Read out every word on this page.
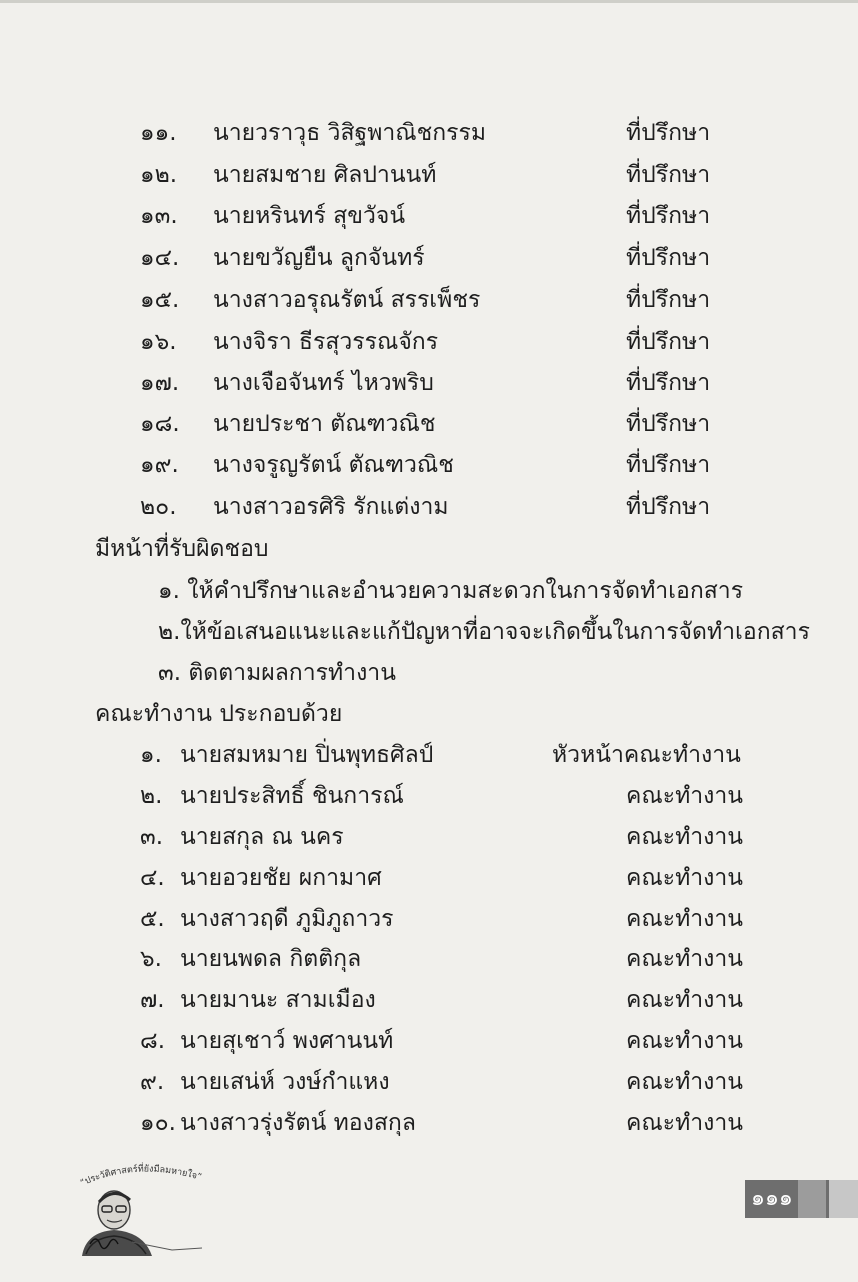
๑๑. นายวราวุธ วิสิฐพาณิชกรรม	ที่ปรึกษา
๑๒. นายสมชาย ศิลปานนท์	ที่ปรึกษา
๑๓. นายหรินทร์ สุขวัจน์	ที่ปรึกษา
๑๔. นายขวัญยืน ลูกจันทร์	ที่ปรึกษา
๑๕. นางสาวอรุณรัตน์ สรรเพ็ชร	ที่ปรึกษา
๑๖. นางจิรา ธีรสุวรรณจักร	ที่ปรึกษา
๑๗. นางเจือจันทร์ ไหวพริบ	ที่ปรึกษา
๑๘. นายประชา ตัณฑวณิช	ที่ปรึกษา
๑๙. นางจรูญรัตน์ ตัณฑวณิช	ที่ปรึกษา
๒๐. นางสาวอรศิริ รักแต่งาม	ที่ปรึกษา
มีหน้าที่รับผิดชอบ
๑. ให้คำปรึกษาและอำนวยความสะดวกในการจัดทำเอกสาร
๒.ให้ข้อเสนอแนะและแก้ปัญหาที่อาจจะเกิดขึ้นในการจัดทำเอกสาร
๓. ติดตามผลการทำงาน
คณะทำงาน ประกอบด้วย
๑. นายสมหมาย ปิ่นพุทธศิลป์	หัวหน้าคณะทำงาน
๒. นายประสิทธิ์ ชินการณ์	คณะทำงาน
๓. นายสกุล ณ นคร	คณะทำงาน
๔. นายอวยชัย ผกามาศ	คณะทำงาน
๕. นางสาวฤดี ภูมิภูถาวร	คณะทำงาน
๖. นายนพดล กิตติกุล	คณะทำงาน
๗. นายมานะ สามเมือง	คณะทำงาน
๘. นายสุเชาว์ พงศานนท์	คณะทำงาน
๙. นายเสน่ห์ วงษ์กำแหง	คณะทำงาน
๑๐. นางสาวรุ่งรัตน์ ทองสกุล	คณะทำงาน
“ประวัติศาสตร์ที่ยังมีลมหายใจ”
๑๑๑
